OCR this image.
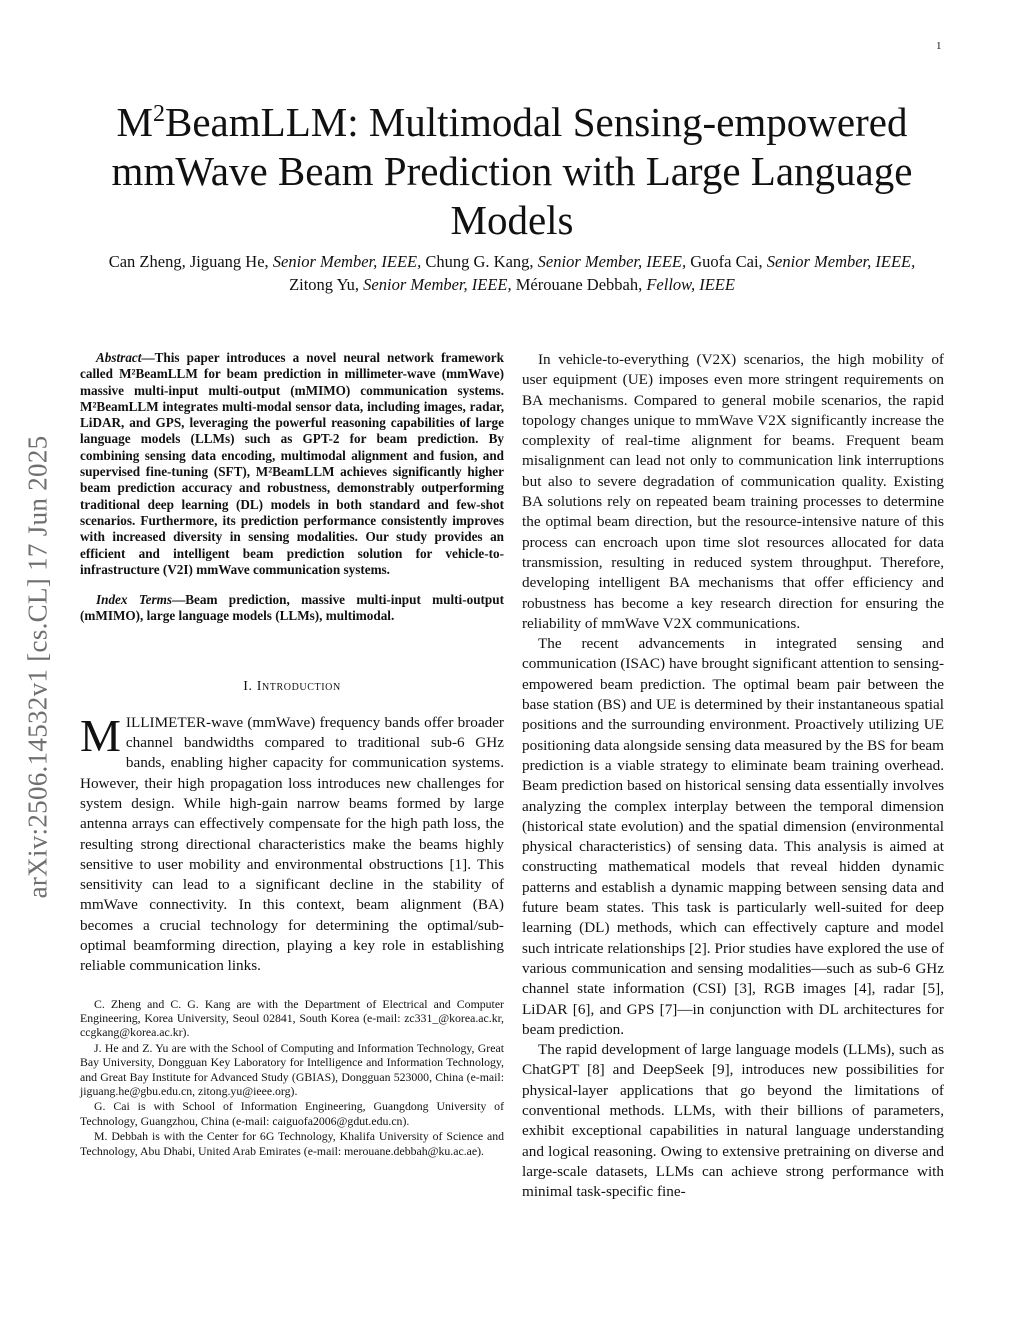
1
arXiv:2506.14532v1 [cs.CL] 17 Jun 2025
$M^2BeamLLM$: Multimodal Sensing-empowered mmWave Beam Prediction with Large Language Models
Can Zheng, Jiguang He, Senior Member, IEEE, Chung G. Kang, Senior Member, IEEE, Guofa Cai, Senior Member, IEEE, Zitong Yu, Senior Member, IEEE, Mérouane Debbah, Fellow, IEEE

Abstract—This paper introduces a novel neural network framework called M²BeamLLM for beam prediction in millimeter-wave (mmWave) massive multi-input multi-output (mMIMO) communication systems. M²BeamLLM integrates multi-modal sensor data, including images, radar, LiDAR, and GPS, leveraging the powerful reasoning capabilities of large language models (LLMs) such as GPT-2 for beam prediction. By combining sensing data encoding, multimodal alignment and fusion, and supervised fine-tuning (SFT), M²BeamLLM achieves significantly higher beam prediction accuracy and robustness, demonstrably outperforming traditional deep learning (DL) models in both standard and few-shot scenarios. Furthermore, its prediction performance consistently improves with increased diversity in sensing modalities. Our study provides an efficient and intelligent beam prediction solution for vehicle-to-infrastructure (V2I) mmWave communication systems.

Index Terms—Beam prediction, massive multi-input multi-output (mMIMO), large language models (LLMs), multimodal.

I. Introduction

MILLIMETER-wave (mmWave) frequency bands offer broader channel bandwidths compared to traditional sub-6 GHz bands, enabling higher capacity for communication systems. However, their high propagation loss introduces new challenges for system design. While high-gain narrow beams formed by large antenna arrays can effectively compensate for the high path loss, the resulting strong directional characteristics make the beams highly sensitive to user mobility and environmental obstructions [1]. This sensitivity can lead to a significant decline in the stability of mmWave connectivity. In this context, beam alignment (BA) becomes a crucial technology for determining the optimal/sub-optimal beamforming direction, playing a key role in establishing reliable communication links.

C. Zheng and C. G. Kang are with the Department of Electrical and Computer Engineering, Korea University, Seoul 02841, South Korea (e-mail: zc331_@korea.ac.kr, ccgkang@korea.ac.kr).

J. He and Z. Yu are with the School of Computing and Information Technology, Great Bay University, Dongguan Key Laboratory for Intelligence and Information Technology, and Great Bay Institute for Advanced Study (GBIAS), Dongguan 523000, China (e-mail: jiguang.he@gbu.edu.cn, zitong.yu@ieee.org).

G. Cai is with School of Information Engineering, Guangdong University of Technology, Guangzhou, China (e-mail: caiguofa2006@gdut.edu.cn).

M. Debbah is with the Center for 6G Technology, Khalifa University of Science and Technology, Abu Dhabi, United Arab Emirates (e-mail: merouane.debbah@ku.ac.ae).

In vehicle-to-everything (V2X) scenarios, the high mobility of user equipment (UE) imposes even more stringent requirements on BA mechanisms. Compared to general mobile scenarios, the rapid topology changes unique to mmWave V2X significantly increase the complexity of real-time alignment for beams. Frequent beam misalignment can lead not only to communication link interruptions but also to severe degradation of communication quality. Existing BA solutions rely on repeated beam training processes to determine the optimal beam direction, but the resource-intensive nature of this process can encroach upon time slot resources allocated for data transmission, resulting in reduced system throughput. Therefore, developing intelligent BA mechanisms that offer efficiency and robustness has become a key research direction for ensuring the reliability of mmWave V2X communications.

The recent advancements in integrated sensing and communication (ISAC) have brought significant attention to sensing-empowered beam prediction. The optimal beam pair between the base station (BS) and UE is determined by their instantaneous spatial positions and the surrounding environment. Proactively utilizing UE positioning data alongside sensing data measured by the BS for beam prediction is a viable strategy to eliminate beam training overhead. Beam prediction based on historical sensing data essentially involves analyzing the complex interplay between the temporal dimension (historical state evolution) and the spatial dimension (environmental physical characteristics) of sensing data. This analysis is aimed at constructing mathematical models that reveal hidden dynamic patterns and establish a dynamic mapping between sensing data and future beam states. This task is particularly well-suited for deep learning (DL) methods, which can effectively capture and model such intricate relationships [2]. Prior studies have explored the use of various communication and sensing modalities—such as sub-6 GHz channel state information (CSI) [3], RGB images [4], radar [5], LiDAR [6], and GPS [7]—in conjunction with DL architectures for beam prediction.

The rapid development of large language models (LLMs), such as ChatGPT [8] and DeepSeek [9], introduces new possibilities for physical-layer applications that go beyond the limitations of conventional methods. LLMs, with their billions of parameters, exhibit exceptional capabilities in natural language understanding and logical reasoning. Owing to extensive pretraining on diverse and large-scale datasets, LLMs can achieve strong performance with minimal task-specific fine-
